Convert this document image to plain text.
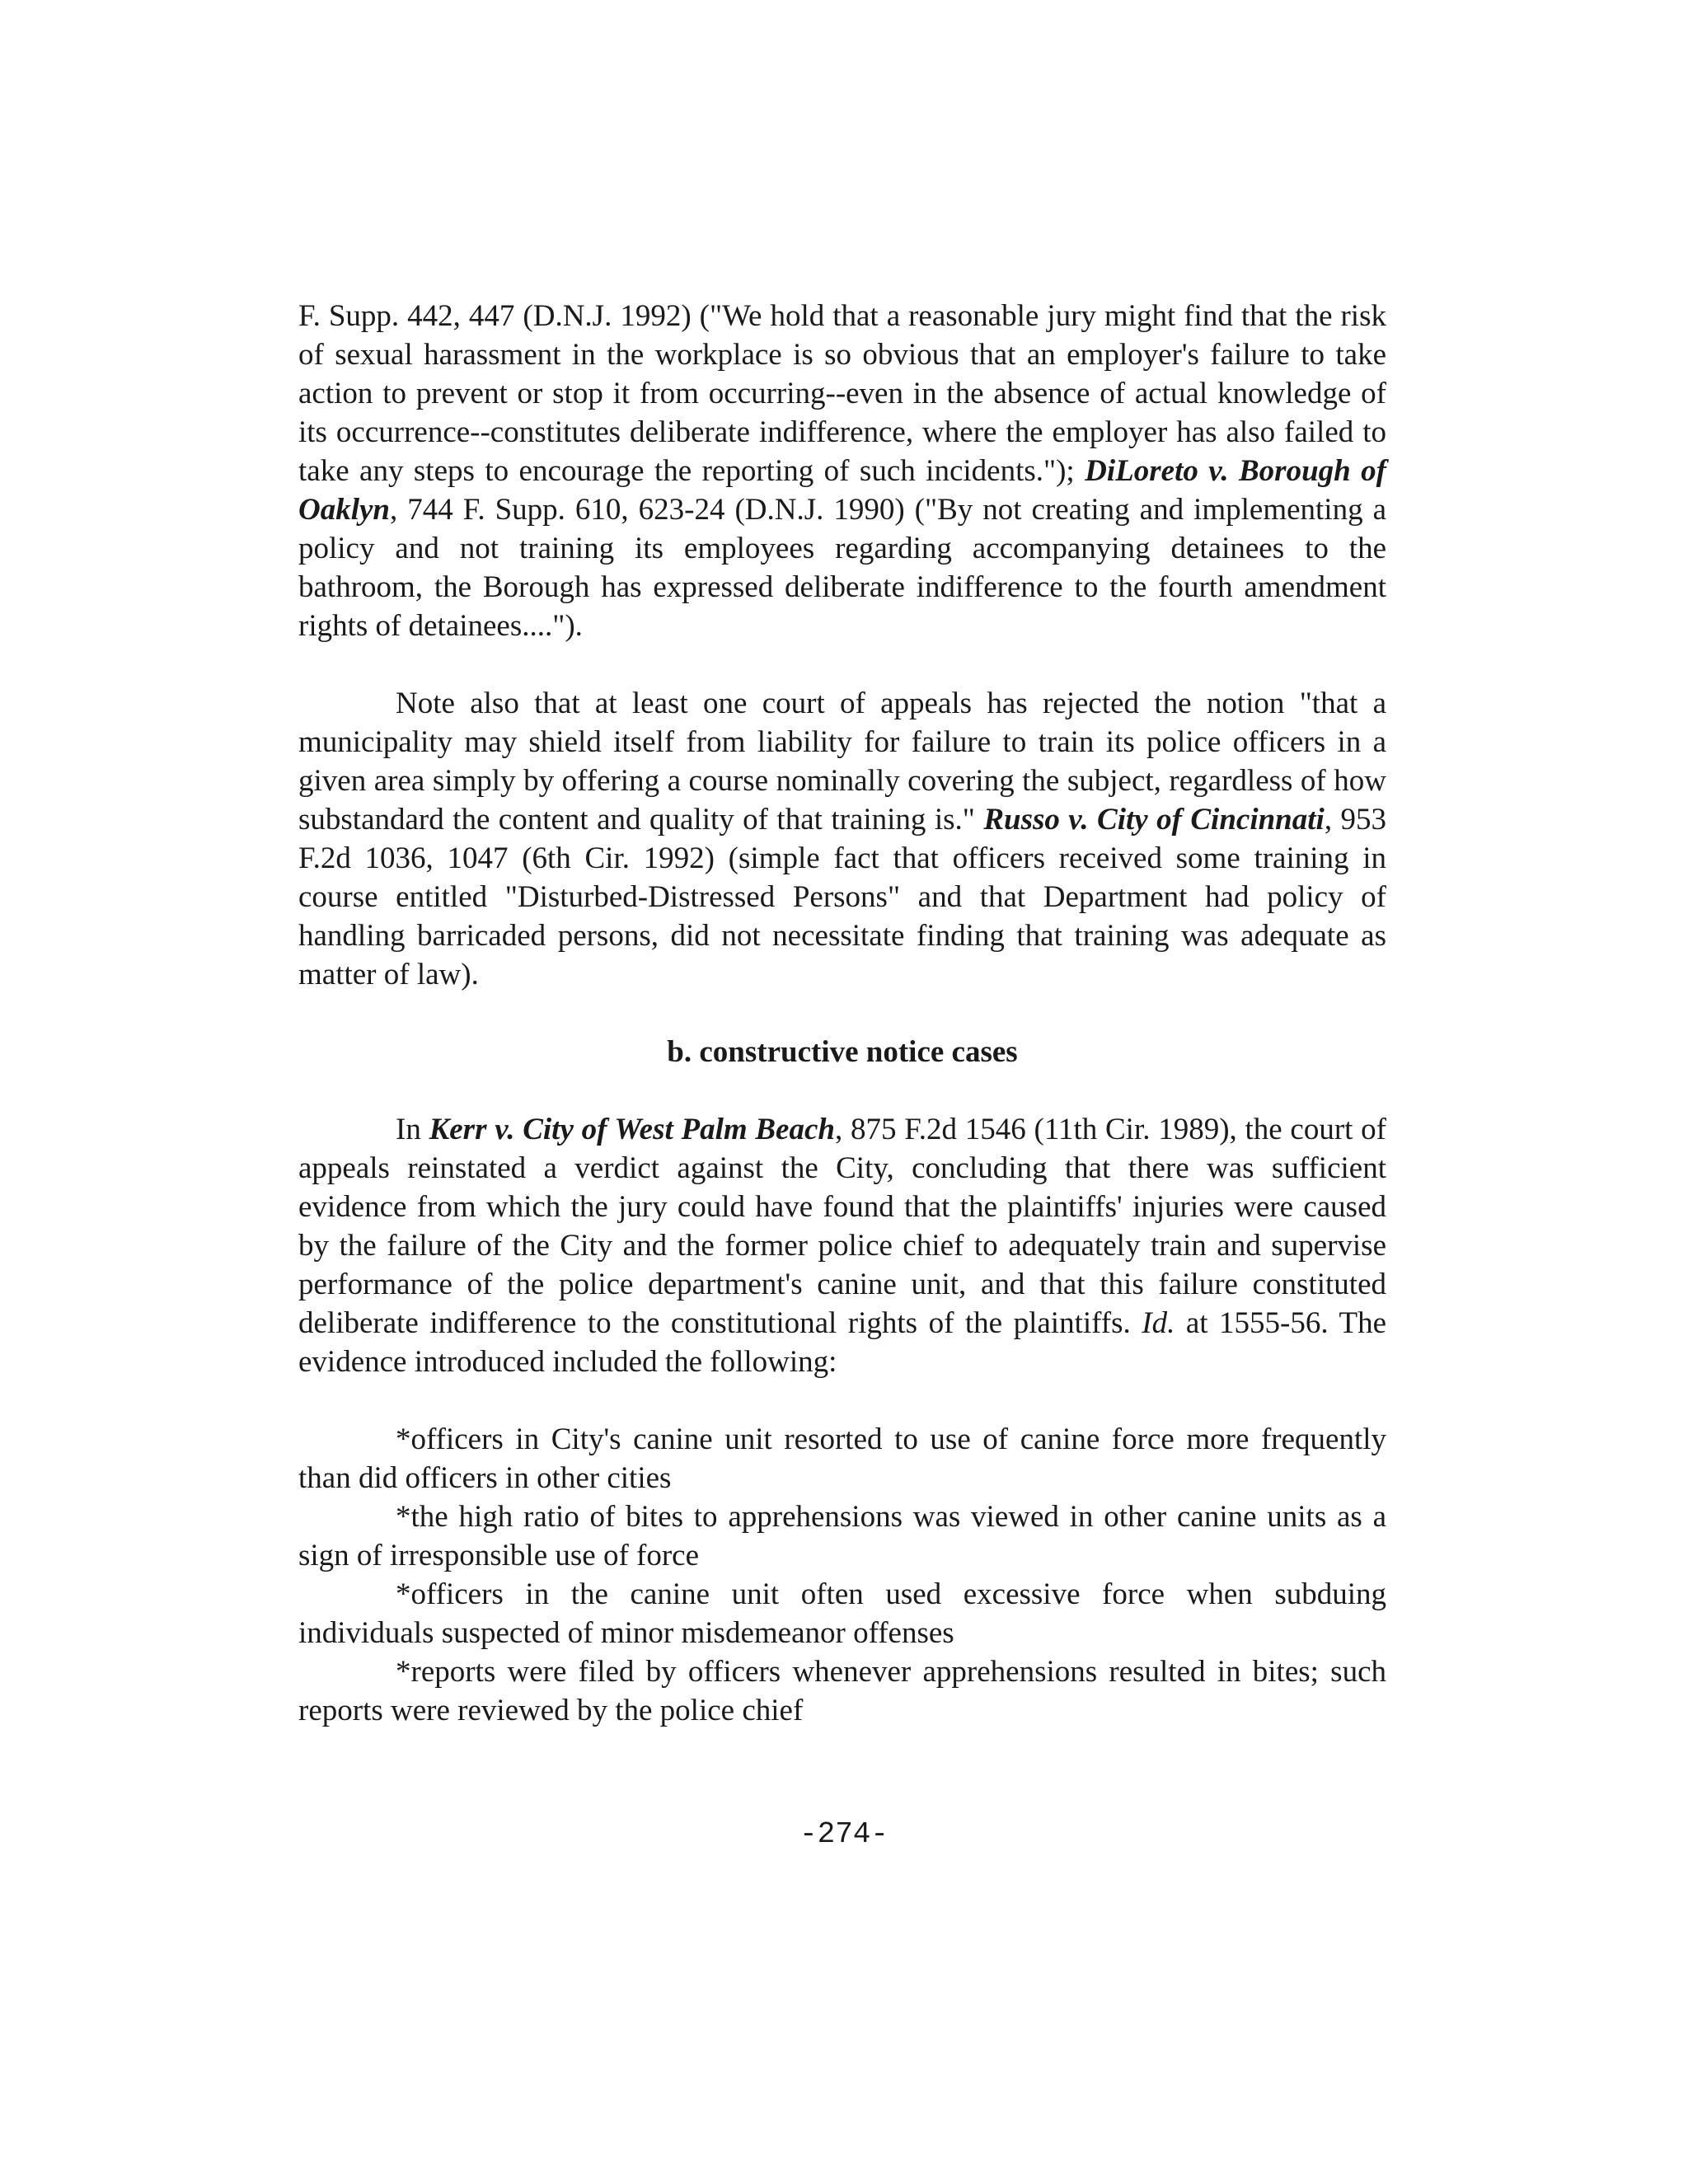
F. Supp. 442, 447 (D.N.J. 1992) ("We hold that a reasonable jury might find that the risk of sexual harassment in the workplace is so obvious that an employer's failure to take action to prevent or stop it from occurring--even in the absence of actual knowledge of its occurrence--constitutes deliberate indifference, where the employer has also failed to take any steps to encourage the reporting of such incidents."); DiLoreto v. Borough of Oaklyn, 744 F. Supp. 610, 623-24 (D.N.J. 1990) ("By not creating and implementing a policy and not training its employees regarding accompanying detainees to the bathroom, the Borough has expressed deliberate indifference to the fourth amendment rights of detainees....").

Note also that at least one court of appeals has rejected the notion "that a municipality may shield itself from liability for failure to train its police officers in a given area simply by offering a course nominally covering the subject, regardless of how substandard the content and quality of that training is." Russo v. City of Cincinnati, 953 F.2d 1036, 1047 (6th Cir. 1992) (simple fact that officers received some training in course entitled "Disturbed-Distressed Persons" and that Department had policy of handling barricaded persons, did not necessitate finding that training was adequate as matter of law).

b. constructive notice cases

In Kerr v. City of West Palm Beach, 875 F.2d 1546 (11th Cir. 1989), the court of appeals reinstated a verdict against the City, concluding that there was sufficient evidence from which the jury could have found that the plaintiffs' injuries were caused by the failure of the City and the former police chief to adequately train and supervise performance of the police department's canine unit, and that this failure constituted deliberate indifference to the constitutional rights of the plaintiffs. Id. at 1555-56. The evidence introduced included the following:

*officers in City's canine unit resorted to use of canine force more frequently than did officers in other cities

*the high ratio of bites to apprehensions was viewed in other canine units as a sign of irresponsible use of force

*officers in the canine unit often used excessive force when subduing individuals suspected of minor misdemeanor offenses

*reports were filed by officers whenever apprehensions resulted in bites; such reports were reviewed by the police chief

-274-
